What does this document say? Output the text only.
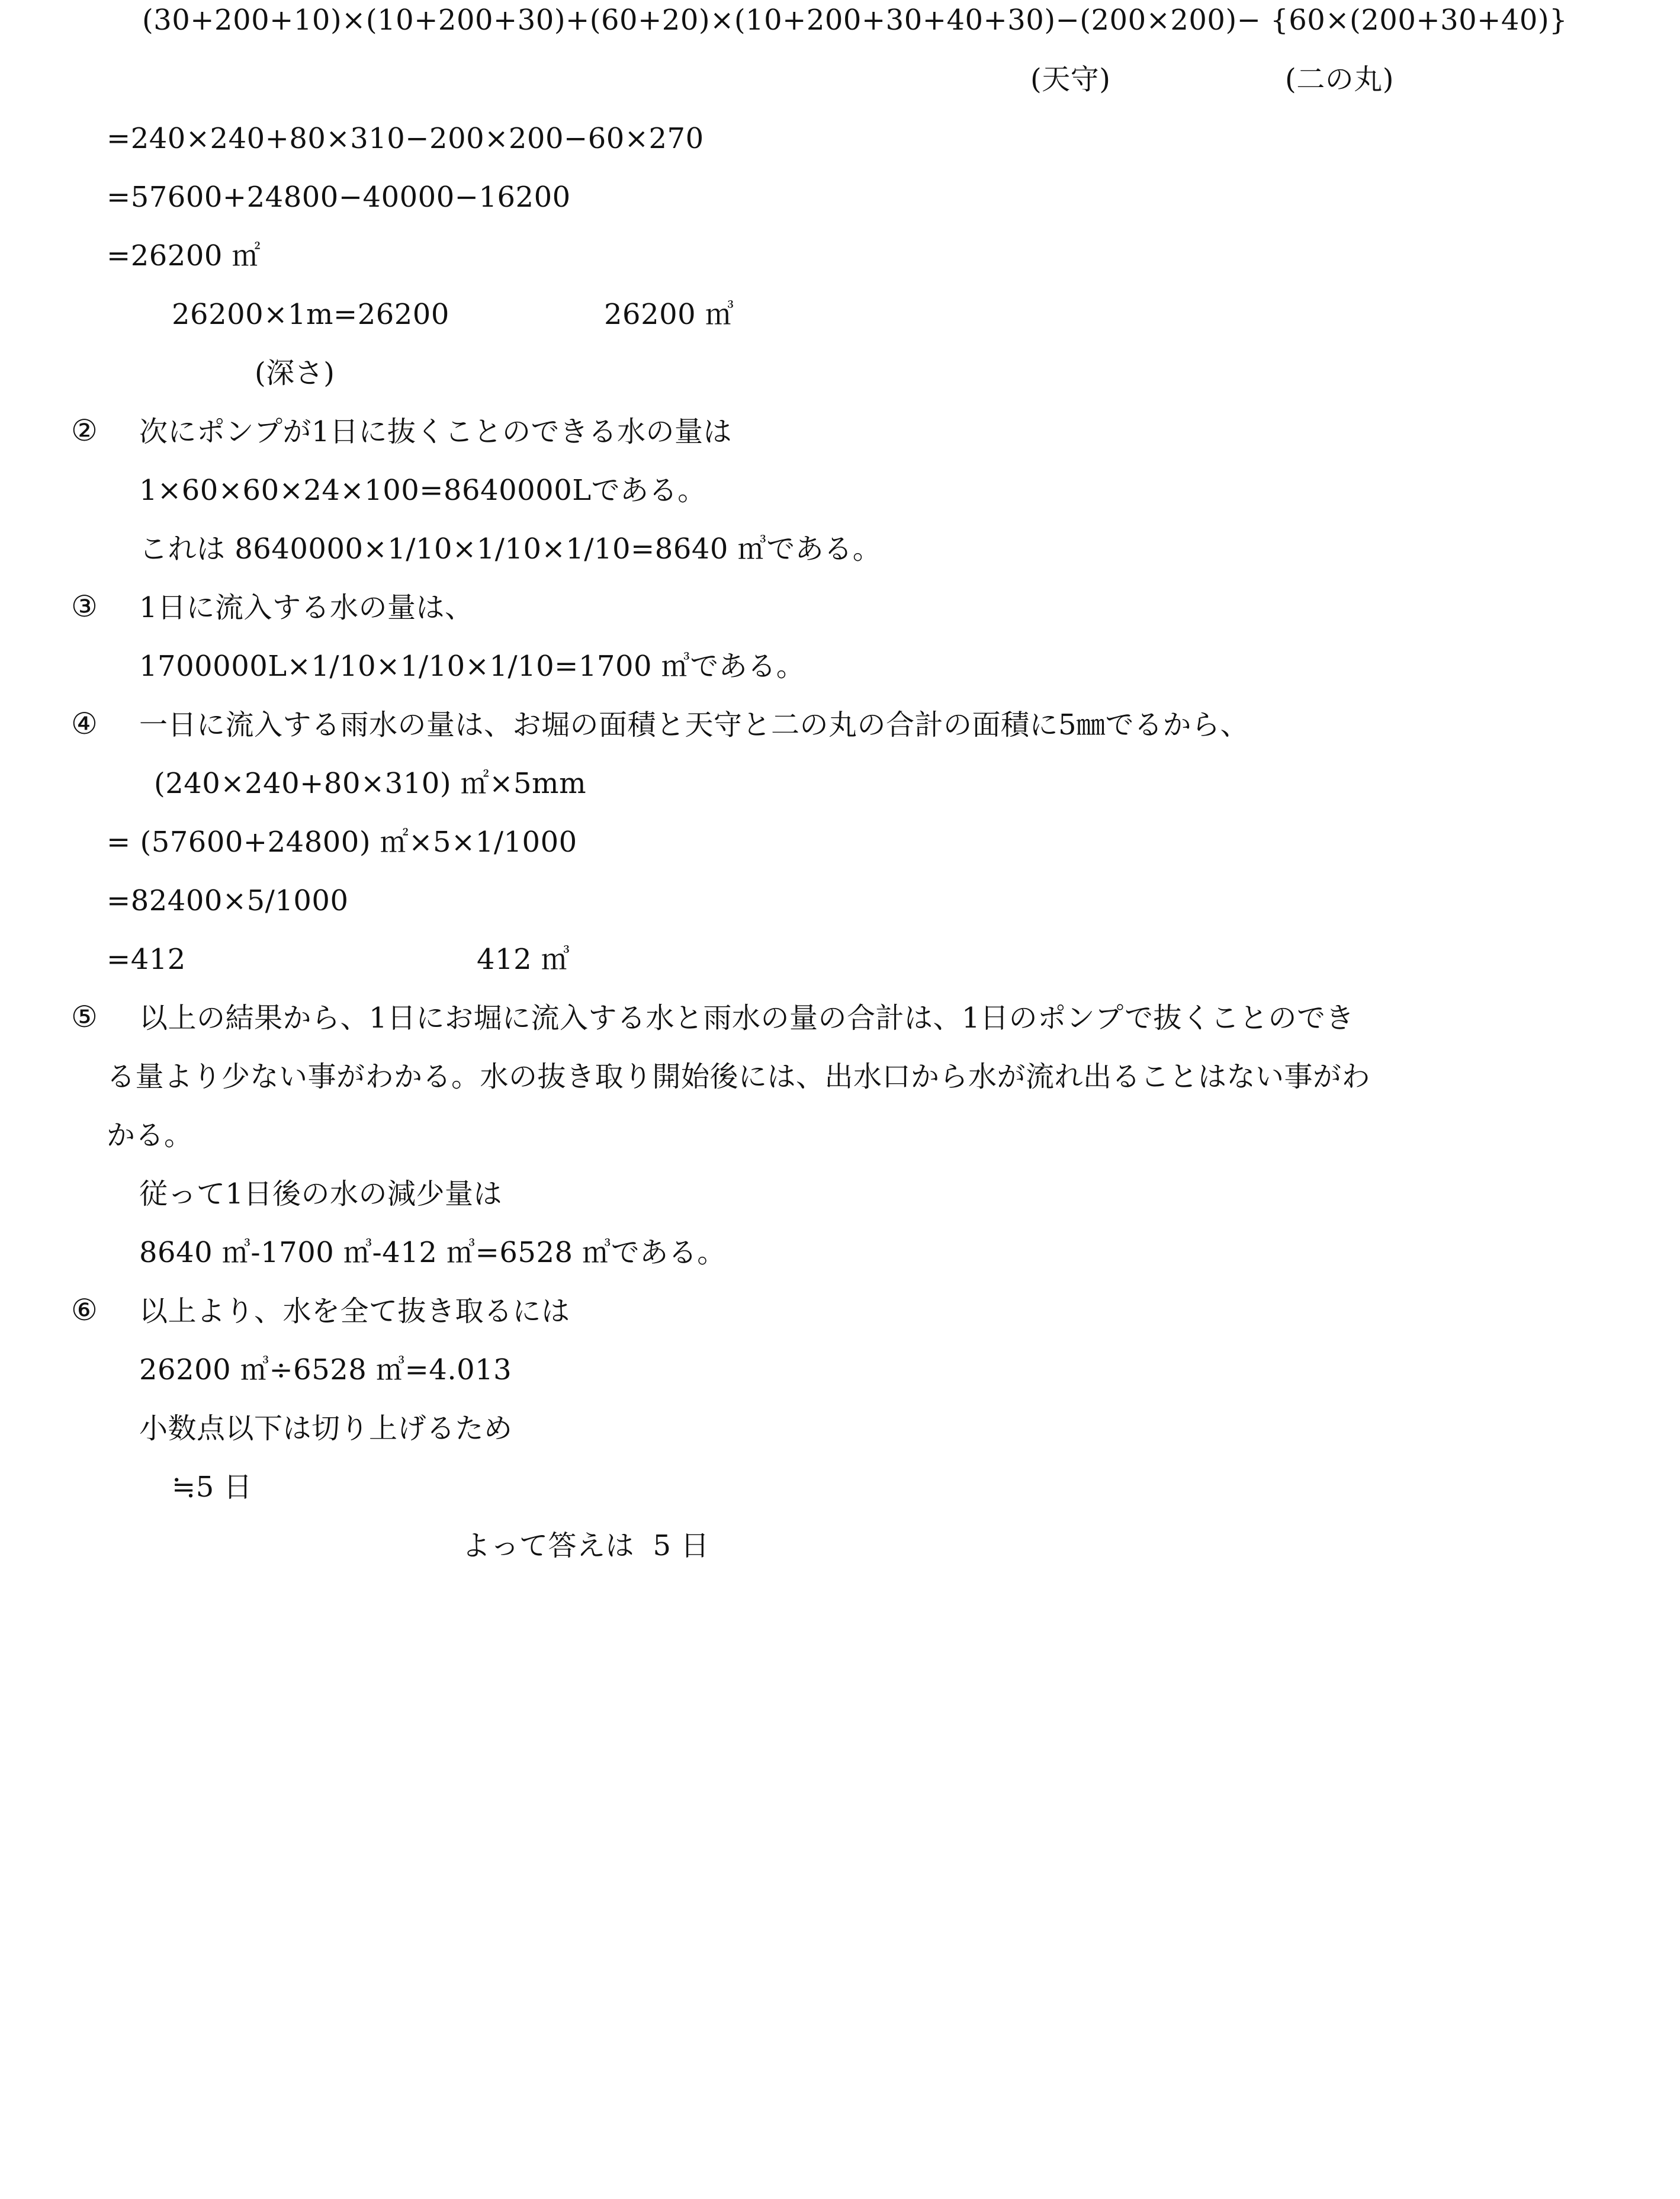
(30+200+10)×(10+200+30)+(60+20)×(10+200+30+40+30)−(200×200)− {60×(200+30+40)}
(天守)	(二の丸)
=240×240+80×310−200×200−60×270
=57600+24800−40000−16200
=26200 ㎡
26200×1m=26200	26200 ㎥
(深さ)
② 次にポンプが1日に抜くことのできる水の量は
1×60×60×24×100=8640000Lである。
これは 8640000×1/10×1/10×1/10=8640 ㎥である。
③ 1日に流入する水の量は、
1700000L×1/10×1/10×1/10=1700 ㎥である。
④ 一日に流入する雨水の量は、お堀の面積と天守と二の丸の合計の面積に5㎜でるから、
(240×240+80×310) ㎡×5mm
= (57600+24800) ㎡×5×1/1000
=82400×5/1000
=412	412 ㎥
⑤ 以上の結果から、1日にお堀に流入する水と雨水の量の合計は、1日のポンプで抜くことのでき
る量より少ない事がわかる。水の抜き取り開始後には、出水口から水が流れ出ることはない事がわ
かる。
従って1日後の水の減少量は
8640 ㎥-1700 ㎥-412 ㎥=6528 ㎥である。
⑥ 以上より、水を全て抜き取るには
26200 ㎥÷6528 ㎥=4.013
小数点以下は切り上げるため
≒5 日
よって答えは  5 日
